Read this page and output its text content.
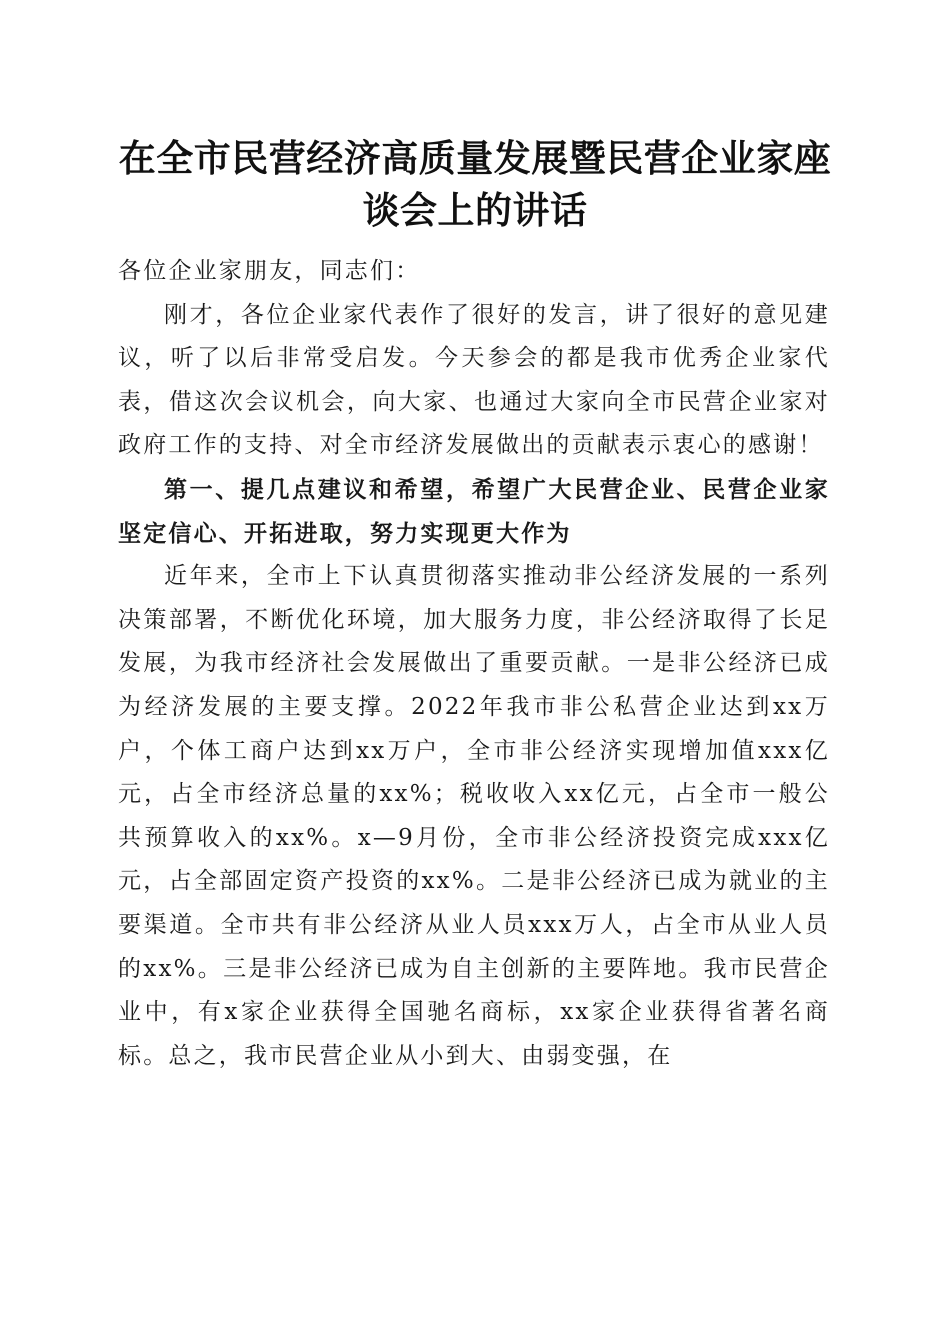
在全市民营经济高质量发展暨民营企业家座谈会上的讲话

各位企业家朋友，同志们：

刚才，各位企业家代表作了很好的发言，讲了很好的意见建议，听了以后非常受启发。今天参会的都是我市优秀企业家代表，借这次会议机会，向大家、也通过大家向全市民营企业家对政府工作的支持、对全市经济发展做出的贡献表示衷心的感谢！

第一、提几点建议和希望，希望广大民营企业、民营企业家坚定信心、开拓进取，努力实现更大作为

近年来，全市上下认真贯彻落实推动非公经济发展的一系列决策部署，不断优化环境，加大服务力度，非公经济取得了长足发展，为我市经济社会发展做出了重要贡献。一是非公经济已成为经济发展的主要支撑。2022年我市非公私营企业达到xx万户，个体工商户达到xx万户，全市非公经济实现增加值xxx亿元，占全市经济总量的xx%；税收收入xx亿元，占全市一般公共预算收入的xx%。x—9月份，全市非公经济投资完成xxx亿元，占全部固定资产投资的xx%。二是非公经济已成为就业的主要渠道。全市共有非公经济从业人员xxx万人，占全市从业人员的xx%。三是非公经济已成为自主创新的主要阵地。我市民营企业中，有x家企业获得全国驰名商标，xx家企业获得省著名商标。总之，我市民营企业从小到大、由弱变强，在
